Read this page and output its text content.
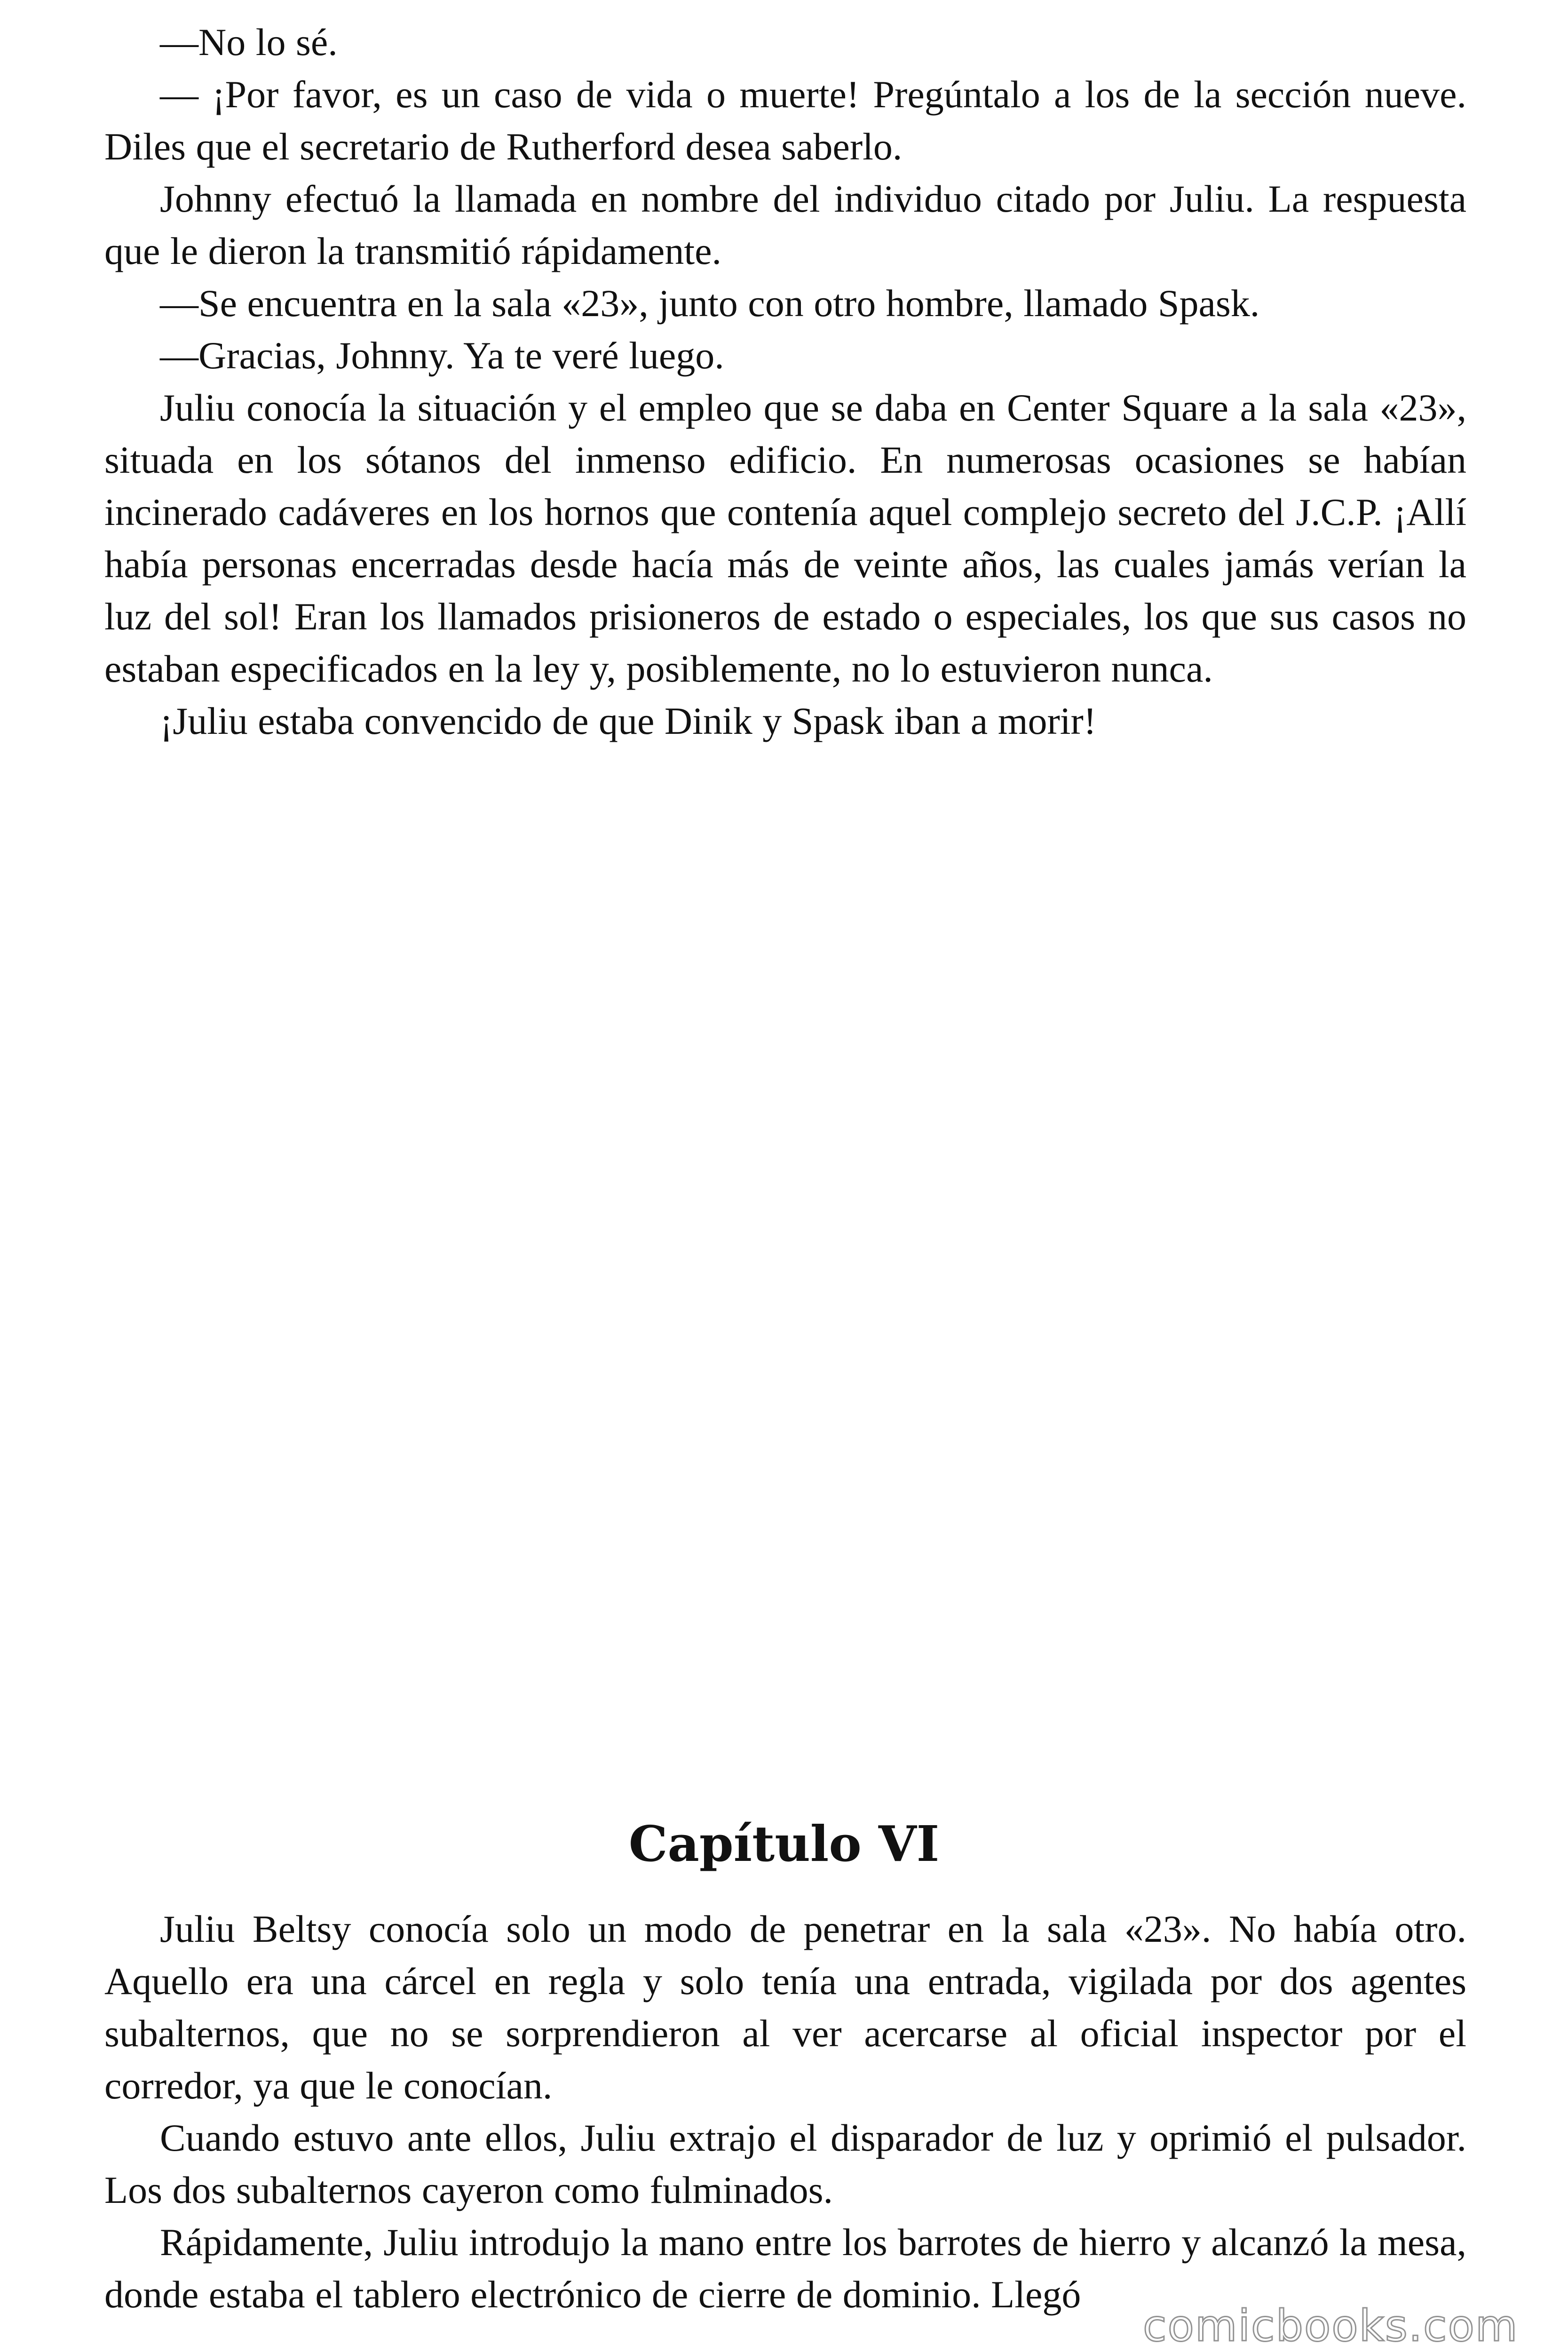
—No lo sé.

— ¡Por favor, es un caso de vida o muerte! Pregúntalo a los de la sección nueve. Diles que el secretario de Rutherford desea saberlo.

Johnny efectuó la llamada en nombre del individuo citado por Juliu. La respuesta que le dieron la transmitió rápidamente.

—Se encuentra en la sala «23», junto con otro hombre, llamado Spask.

—Gracias, Johnny. Ya te veré luego.

Juliu conocía la situación y el empleo que se daba en Center Square a la sala «23», situada en los sótanos del inmenso edificio. En numerosas ocasiones se habían incinerado cadáveres en los hornos que contenía aquel complejo secreto del J.C.P. ¡Allí había personas encerradas desde hacía más de veinte años, las cuales jamás verían la luz del sol! Eran los llamados prisioneros de estado o especiales, los que sus casos no estaban especificados en la ley y, posiblemente, no lo estuvieron nunca.

¡Juliu estaba convencido de que Dinik y Spask iban a morir!

Capítulo VI

Juliu Beltsy conocía solo un modo de penetrar en la sala «23». No había otro. Aquello era una cárcel en regla y solo tenía una entrada, vigilada por dos agentes subalternos, que no se sorprendieron al ver acercarse al oficial inspector por el corredor, ya que le conocían.

Cuando estuvo ante ellos, Juliu extrajo el disparador de luz y oprimió el pulsador. Los dos subalternos cayeron como fulminados.

Rápidamente, Juliu introdujo la mano entre los barrotes de hierro y alcanzó la mesa, donde estaba el tablero electrónico de cierre de dominio. Llegó

comicbooks.com
